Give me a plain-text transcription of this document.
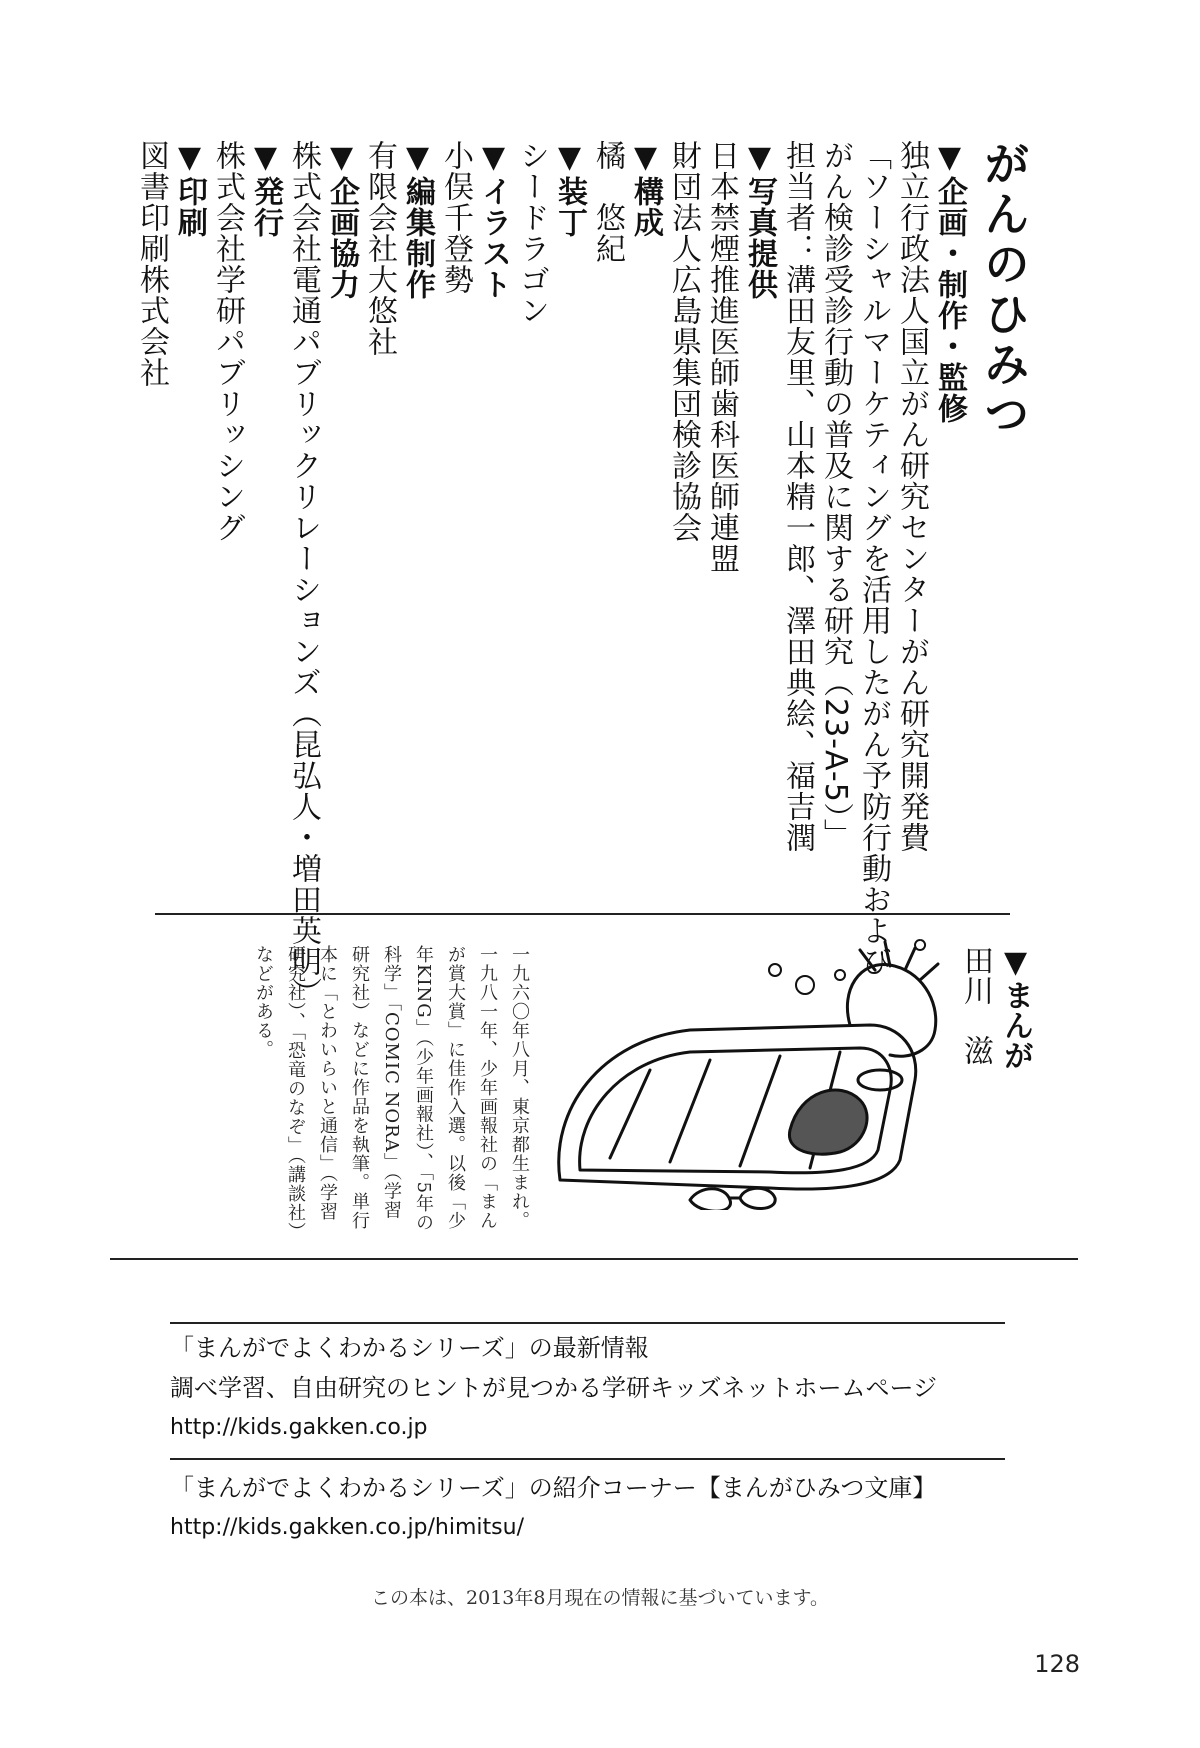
がんのひみつ
▼企画・制作・監修
独立行政法人国立がん研究センターがん研究開発費
「ソーシャルマーケティングを活用したがん予防行動および
がん検診受診行動の普及に関する研究（23-A-5）」
担当者：溝田友里、山本精一郎、澤田典絵、福吉潤
▼写真提供
日本禁煙推進医師歯科医師連盟
財団法人広島県集団検診協会
▼構成
橘　悠紀
▼装丁
シードラゴン
▼イラスト
小俣千登勢
▼編集制作
有限会社大悠社
▼企画協力
株式会社電通パブリックリレーションズ（昆弘人・増田英明）
▼発行
株式会社学研パブリッシング
▼印刷
図書印刷株式会社
▼まんが
田川　滋
一九六〇年八月、東京都生まれ。一九八一年、少年画報社の「まんが賞大賞」に佳作入選。以後「少年KING」（少年画報社）、「5年の科学」「COMIC NORA」（学習研究社）などに作品を執筆。単行本に「とわいらいと通信」（学習研究社）、「恐竜のなぞ」（講談社）などがある。
「まんがでよくわかるシリーズ」の最新情報
調べ学習、自由研究のヒントが見つかる学研キッズネットホームページ
http://kids.gakken.co.jp
「まんがでよくわかるシリーズ」の紹介コーナー【まんがひみつ文庫】
http://kids.gakken.co.jp/himitsu/
この本は、2013年8月現在の情報に基づいています。
128
